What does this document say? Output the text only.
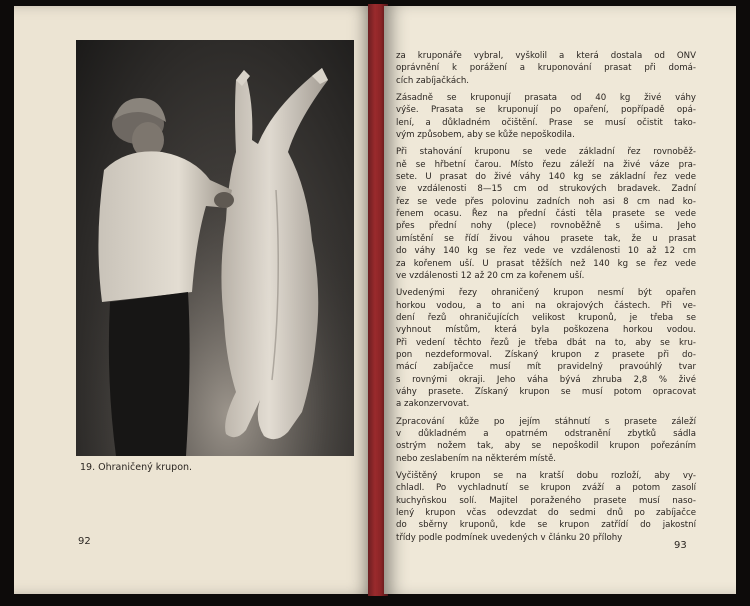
19. Ohraničený krupon.
92
za kruponáře vybral, vyškolil a která dostala od ONV
oprávnění k porážení a kruponování prasat při domá-
cích zabíjačkách.
Zásadně se kruponují prasata od 40 kg živé váhy
výše. Prasata se kruponují po opaření, popřípadě opá-
lení, a důkladném očištění. Prase se musí očistit tako-
vým způsobem, aby se kůže nepoškodila.
Při stahování kruponu se vede základní řez rovnoběž-
ně se hřbetní čarou. Místo řezu záleží na živé váze pra-
sete. U prasat do živé váhy 140 kg se základní řez vede
ve vzdálenosti 8—15 cm od strukových bradavek. Zadní
řez se vede přes polovinu zadních noh asi 8 cm nad ko-
řenem ocasu. Řez na přední části těla prasete se vede
přes přední nohy (plece) rovnoběžně s ušima. Jeho
umístění se řídí živou váhou prasete tak, že u prasat
do váhy 140 kg se řez vede ve vzdálenosti 10 až 12 cm
za kořenem uší. U prasat těžších než 140 kg se řez vede
ve vzdálenosti 12 až 20 cm za kořenem uší.
Uvedenými řezy ohraničený krupon nesmí být opařen
horkou vodou, a to ani na okrajových částech. Při ve-
dení řezů ohraničujících velikost kruponů, je třeba se
vyhnout místům, která byla poškozena horkou vodou.
Při vedení těchto řezů je třeba dbát na to, aby se kru-
pon nezdeformoval. Získaný krupon z prasete při do-
mácí zabíjačce musí mít pravidelný pravoúhlý tvar
s rovnými okraji. Jeho váha bývá zhruba 2,8 % živé
váhy prasete. Získaný krupon se musí potom opracovat
a zakonzervovat.
Zpracování kůže po jejím stáhnutí s prasete záleží
v důkladném a opatrném odstranění zbytků sádla
ostrým nožem tak, aby se nepoškodil krupon pořezáním
nebo zeslabením na některém místě.
Vyčištěný krupon se na kratší dobu rozloží, aby vy-
chladl. Po vychladnutí se krupon zváží a potom zasolí
kuchyňskou solí. Majitel poraženého prasete musí naso-
lený krupon včas odevzdat do sedmi dnů po zabíjačce
do sběrny kruponů, kde se krupon zatřídí do jakostní
třídy podle podmínek uvedených v článku 20 přílohy
93
